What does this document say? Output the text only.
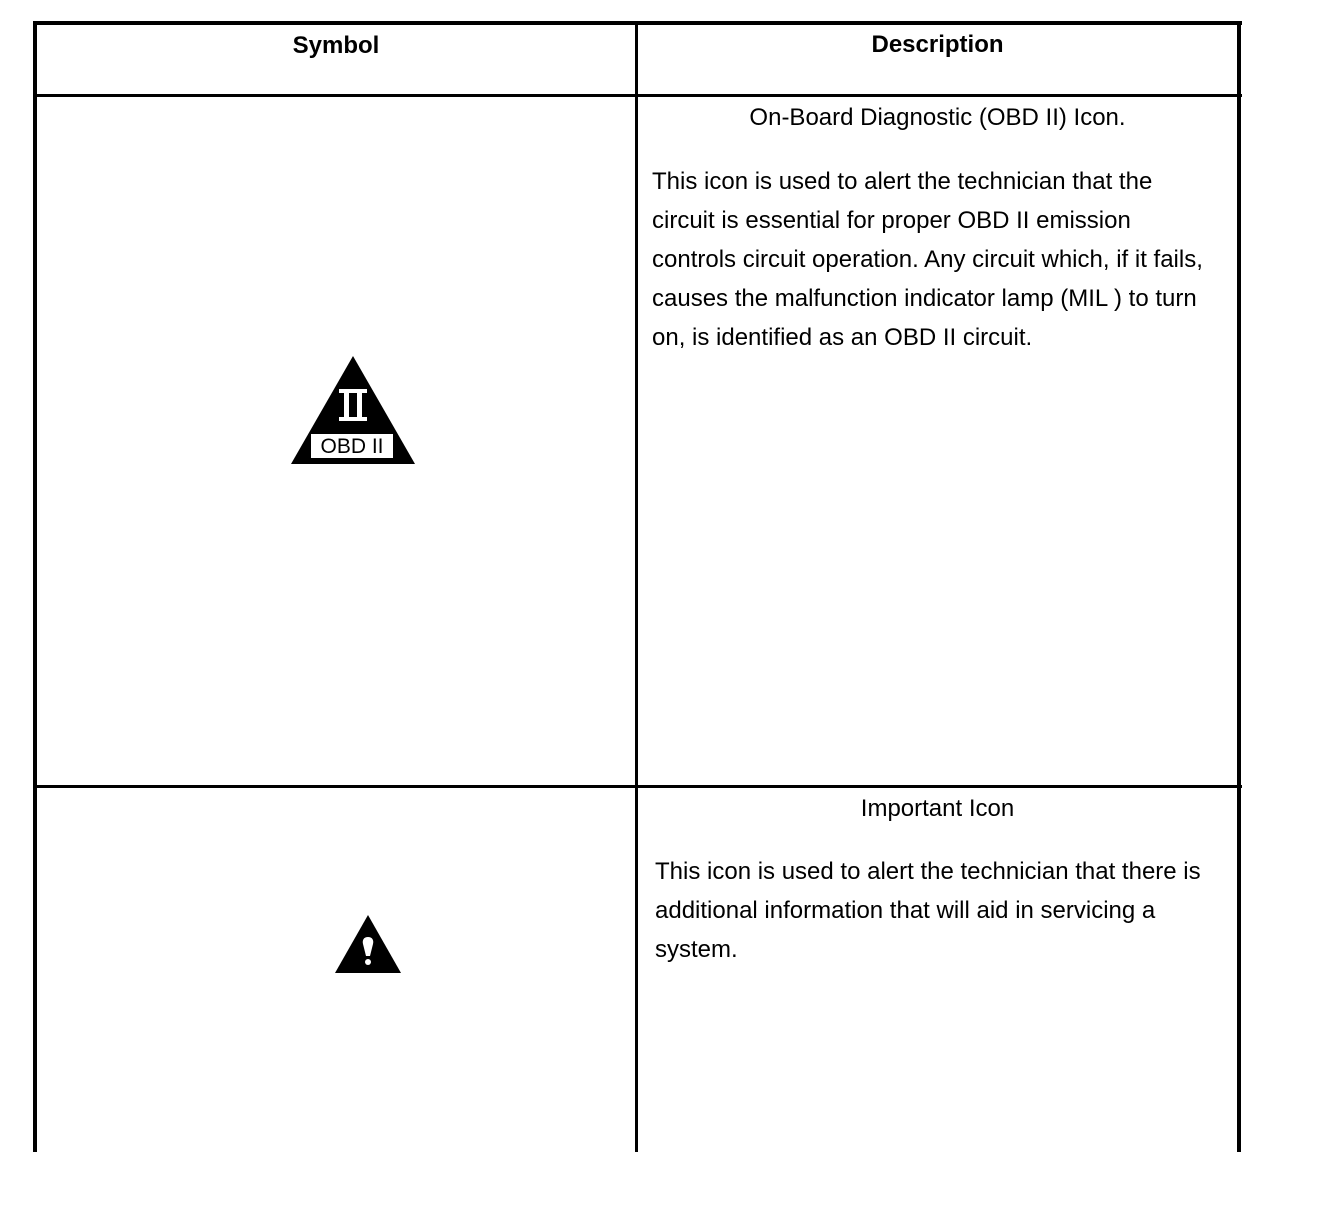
Symbol	Description
OBD II
On-Board Diagnostic (OBD II) Icon.

This icon is used to alert the technician that the circuit is essential for proper OBD II emission controls circuit operation. Any circuit which, if it fails, causes the malfunction indicator lamp (MIL ) to turn on, is identified as an OBD II circuit.

Important Icon

This icon is used to alert the technician that there is additional information that will aid in servicing a system.
